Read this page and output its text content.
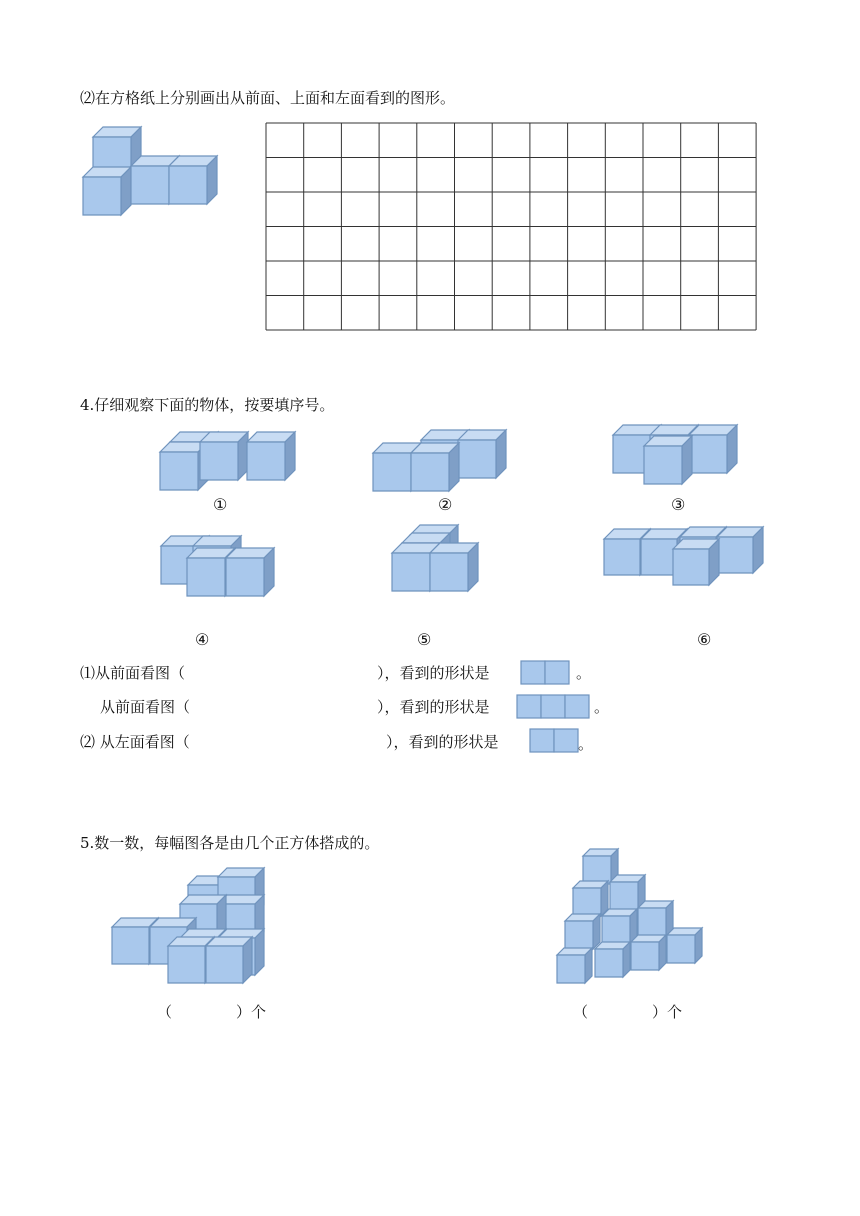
⑵在方格纸上分别画出从前面、上面和左面看到的图形。
4.仔细观察下面的物体，按要填序号。
①	②	③
④	⑤	⑥
⑴从前面看图（	），看到的形状是	。
从前面看图（	），看到的形状是	。
⑵ 从左面看图（	），看到的形状是	。
5.数一数，每幅图各是由几个正方体搭成的。
（	）个	（	）个
